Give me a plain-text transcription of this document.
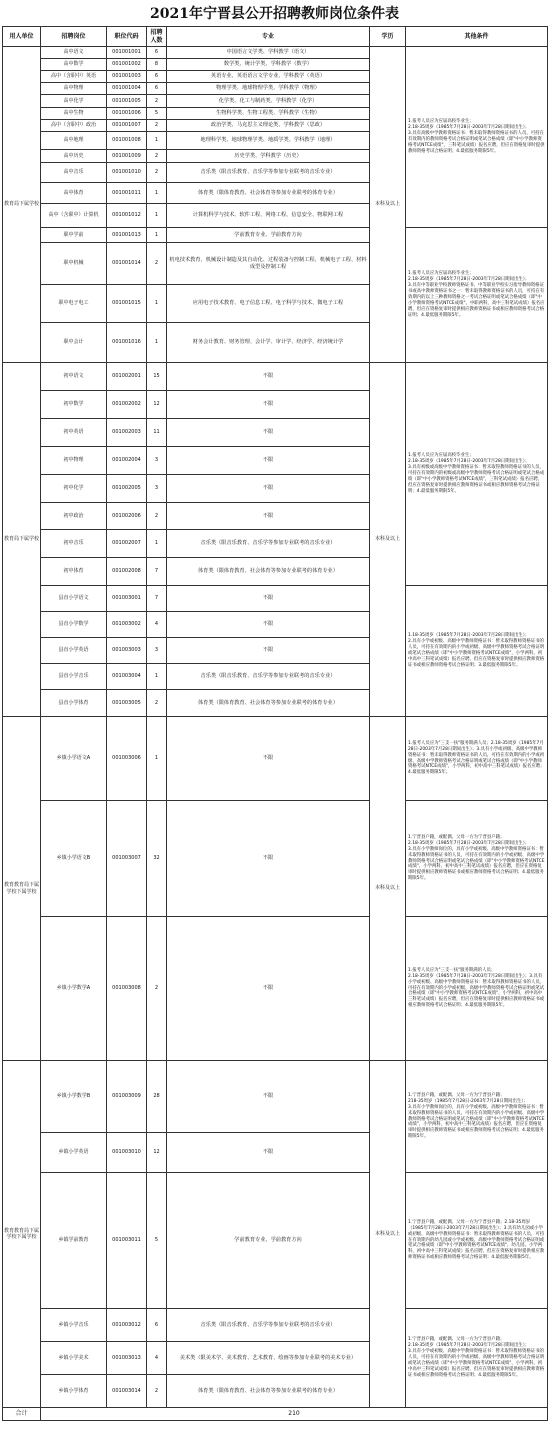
2021年宁晋县公开招聘教师岗位条件表
用人单位	招聘岗位	职位代码	招聘人数	专业	学历	其他条件
教育局下属学校	高中语文	001001001	6	中国语言文学类、学科教学（语文）	本科及以上	1.报考人员应为应届高校毕业生；
2.18-35周岁（1985年7月28日-2003年7月28日期间出生）；
3.具有高级中学教师资格证书：暂未取得教师资格证书的人员，可持在有效期内的教师资格考试合格证明或笔试合格成绩（即"中小学教师资格考试NTCE成绩"，三科笔试成绩）报名应聘，但应在资格复审时提供教师资格考试合格证明；4.最低服务期限5年。
	高中数学	001001002	8	数学类、统计学类、学科教学（数学）		
	高中（含职中）英语	001001003	6	英语专业、英语语言文学专业、学科教学（英语）		
	高中物理	001001004	6	物理学类、地球物理学类、学科教学（物理）		
	高中化学	001001005	2	化学类、化工与制药类、学科教学（化学）		
	高中生物	001001006	5	生物科学类、生物工程类、学科教学（生物）		
	高中（含职中）政治	001001007	2	政治学类、马克思主义理论类、学科教学（思政）		
	高中地理	001001008	1	地理科学类、地球物理学类、地质学类、学科教学（地理）		
	高中历史	001001009	2	历史学类、学科教学（历史）		
	高中音乐	001001010	2	音乐类（限音乐教育、音乐学等参加专业联考的音乐专业）		
	高中体育	001001011	1	体育类（限体育教育、社会体育等参加专业联考的体育专业）		
	高中（含职中）计算机	001001012	1	计算机科学与技术、软件工程、网络工程、信息安全、物联网工程		
	职中学前	001001013	1	学前教育专业、学前教育方向		1.报考人员应为应届高校毕业生；
2.18-35周岁（1985年7月28日-2003年7月28日期间出生）；
3.具有中等职业学校教师资格证书、中等职业学校实习指导教师资格证书或高中教师资格证书之一：暂未取得教师资格证书的人员，可持在有效期内的以上三种教师资格之一考试合格证明或笔试合格成绩（即"中小学教师资格考试NTCE成绩"，中职两科，高中三科笔试成绩）报名应聘，但应在资格复审时提供相应教师资格证书或相应教师资格考试合格证明；4.最低服务期限5年。
	职中机械	001001014	2	机电技术教育、机械设计制造及其自动化、过程装备与控制工程、机械电子工程、材料成型及控制工程		
	职中电子电工	001001015	1	应用电子技术教育、电子信息工程、电子科学与技术、微电子工程		
	职中会计	001001016	1	财务会计教育、财务管理、会计学、审计学、经济学、经济统计学		
教育局下属学校	初中语文	001002001	15	不限	本科及以上	1.报考人员应为应届高校毕业生；
2.18-35周岁（1985年7月28日-2003年7月28日期间出生）；
3.具有初级或高级中学教师资格证书：暂未取得教师资格证书的人员，可持在有效期内的初级或高级中学教师资格考试合格证明或笔试合格成绩（即"中小学教师资格考试NTCE成绩"，三科笔试成绩）报名应聘，但应在资格复审时提供相应教师资格证书或相应教师资格考试合格证明；4.最低服务期限5年。
	初中数学	001002002	12	不限		
	初中英语	001002003	11	不限		
	初中物理	001002004	3	不限		
	初中化学	001002005	3	不限		
	初中政治	001002006	2	不限		
	初中音乐	001002007	1	音乐类（限音乐教育、音乐学等参加专业联考的音乐专业）		
	初中体育	001002008	7	体育类（限体育教育、社会体育等参加专业联考的体育专业）		
	县直小学语文	001003001	7	不限		1.18-35周岁（1985年7月28日-2003年7月28日期间出生）；
2.具有小学或初级、高级中学教师资格证书：暂未取得教师资格证书的人员，可持在有效期内的小学或初级、高级中学教师资格考试合格证明或笔试合格成绩（即"中小学教师资格考试NTCE成绩"，小学两科，初中高中三科笔试成绩）报名应聘，但应在资格复审时提供相应教师资格证书或相应教师资格考试合格证明；3.最低服务期限5年。
	县直小学数学	001003002	4	不限		
	县直小学英语	001003003	3	不限		
	县直小学音乐	001003004	1	音乐类（限音乐教育、音乐学等参加专业联考的音乐专业）		
	县直小学体育	001003005	2	体育类（限体育教育、社会体育等参加专业联考的体育专业）		
教育教育局下属学校下属学校	乡镇小学语文A	001003006	1	不限	本科及以上	1.报考人员应为"三支一扶"服务期满人员；2.18-35周岁（1985年7月28日-2003年7月28日期间出生）；3.具有小学或初级、高级中学教师资格证书：暂未取得教师资格证书的人员，可持在有效期内的小学或初级、高级中学教师资格考试合格证明或笔试合格成绩（即"中小学教师资格考试NTCE成绩"，小学两科，初中高中三科笔试成绩）报名应聘；4.最低服务期限5年。
	乡镇小学语文B	001003007	32	不限		1.宁晋县户籍，或配偶、父母一方为宁晋县户籍；
2.18-35周岁（1985年7月28日-2003年7月28日期间出生）；
3.具有小学教师岗位的，具有小学或初级、高级中学教师资格证书：暂未取得教师资格证书的人员，可持在有效期内的小学或初级、高级中学教师资格考试合格证明或笔试合格成绩（即"中小学教师资格考试NTCE成绩"，小学两科，初中高中三科笔试成绩）报名应聘，但应在资格复审时提供相应教师资格证书或相应教师资格考试合格证明；4.最低服务期限5年。
	乡镇小学数学A	001003008	2	不限		1.报考人员应为"三支一扶"服务期满的人员；
2.18-35周岁（1985年7月28日-2003年7月28日期间出生）；3.具有小学或初级、高级中学教师资格证书：暂未取得教师资格证书的人员，可持在有效期内的小学或初级、高级中学教师资格考试合格证明或笔试合格成绩（即"中小学教师资格考试NTCE成绩"，小学两科，初中高中三科笔试成绩）报名应聘，但应在资格复审时提供相应教师资格证书或相应教师资格考试合格证明；4.最低服务期限5年。
教育教育局下属学校下属学校	乡镇小学数学B	001003009	28	不限	本科及以上	1.宁晋县户籍，或配偶、父母一方为宁晋县户籍；
218-35周岁（1985年7月28日-2003年7月28日期间出生）；
3.具有小学教师岗位的，具有小学或初级、高级中学教师资格证书：暂未取得教师资格证书的人员，可持在有效期内的小学或初级、高级中学教师资格考试合格证明或笔试合格成绩（即"中小学教师资格考试NTCE成绩"，小学两科，初中高中三科笔试成绩）报名应聘，但应在资格复审时提供相应教师资格证书或相应教师资格考试合格证明；4.最低服务期限5年。
	乡镇小学英语	001003010	12	不限		
	乡镇学前教育	001003011	5	学前教育专业、学前教育方向		1.宁晋县户籍，或配偶、父母一方为宁晋县户籍；2.18-35周岁（1985年7月28日-2003年7月28日期间出生）；3.具有幼儿园或小学或初级、高级中学教师资格证书：暂未取得教师资格证书的人员，可持在有效期内的幼儿园或小学或初级、高级中学教师资格考试合格证明或笔试合格成绩（即"中小学教师资格考试NTCE成绩"，幼儿园、小学两科，初中高中三科笔试成绩）报名应聘，但应在资格复审时提供相应教师资格证书或相应教师资格考试合格证明；4.最低服务期限5年。
	乡镇小学音乐	001003012	6	音乐类（限音乐教育、音乐学等参加专业联考的音乐专业）		1.宁晋县户籍，或配偶、父母一方为宁晋县户籍；
2.18-35周岁（1985年7月28日-2003年7月28日期间出生）；
3.具有小学或初级、高级中学教师资格证书：暂未取得教师资格证书的人员，可持在有效期内的小学或初级、高级中学教师资格考试合格证明或笔试合格成绩（即"中小学教师资格考试NTCE成绩"，小学两科，初中高中三科笔试成绩）报名应聘，但应在资格复审时提供相应教师资格证书或相应教师资格考试合格证明；4.最低服务期限5年。
	乡镇小学美术	001003013	4	美术类（限美术学、美术教育、艺术教育、绘画等参加专业联考的美术专业）		
	乡镇小学体育	001003014	2	体育类（限体育教育、社会体育等参加专业联考的体育专业）		
合计	210					
